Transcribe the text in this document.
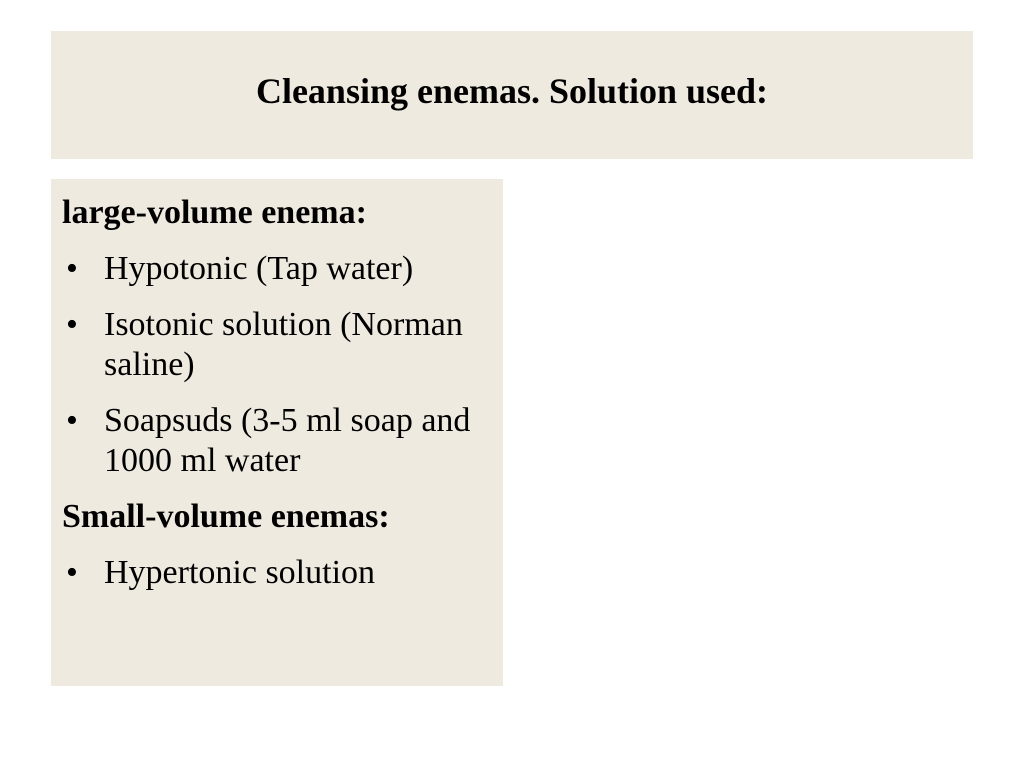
Cleansing enemas. Solution used:

large-volume enema:

• Hypotonic (Tap water)
• Isotonic solution (Norman saline)
• Soapsuds (3-5 ml soap and 1000 ml water

Small-volume enemas:

• Hypertonic solution
